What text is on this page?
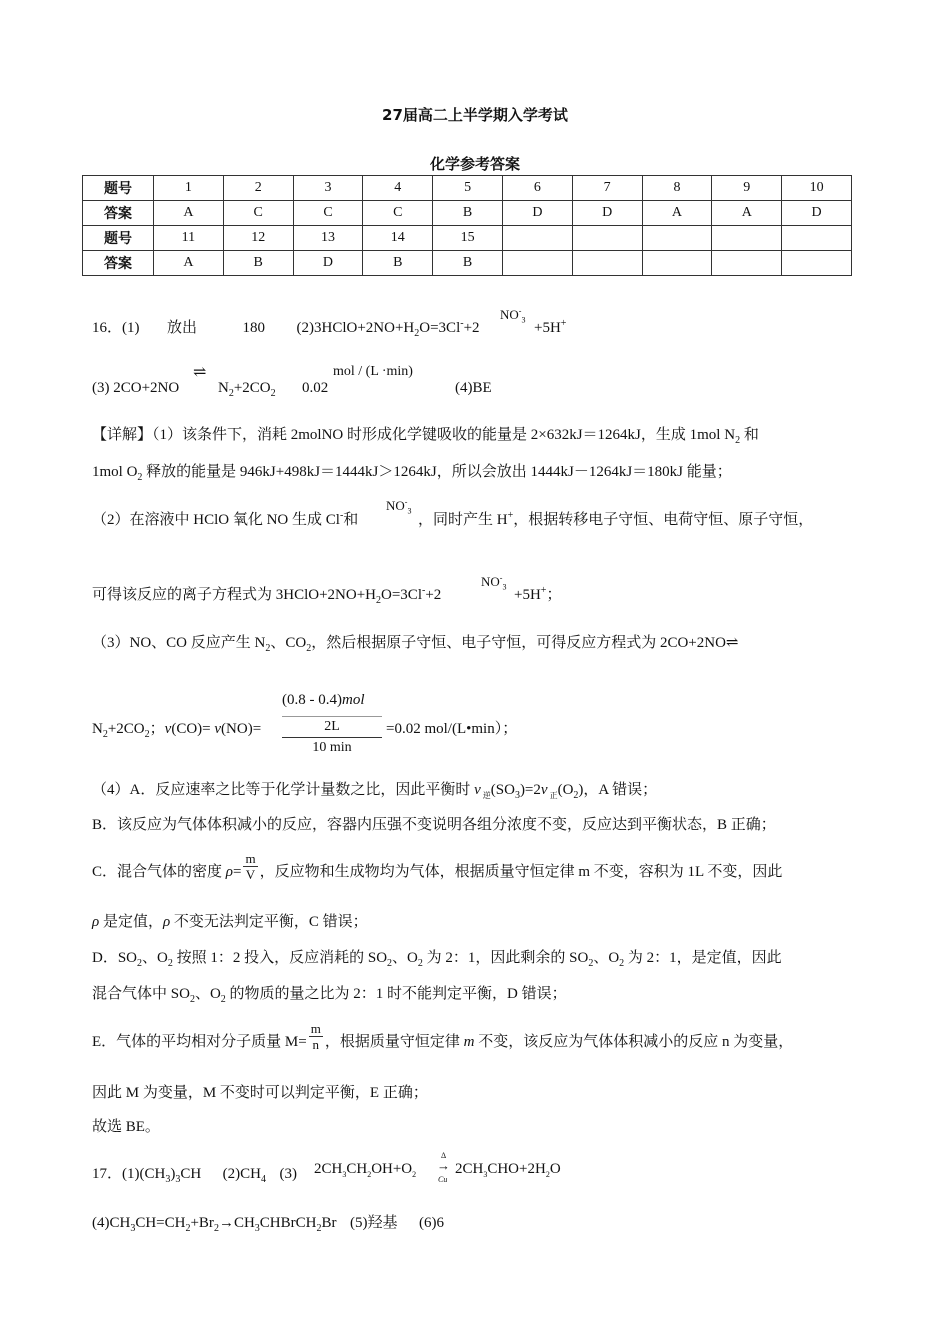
27届高二上半学期入学考试
化学参考答案
题号	1	2	3	4	5	6	7	8	9	10
答案	A	C	C	C	B	D	D	A	A	D
题号	11	12	13	14	15					
答案	A	B	D	B	B					
16．(1) 放出	180 $(2)3HClO+2NO+H_2O=3Cl^-+2$
$NO^-_3 +5H^+$
(3) 2CO+2NO
⇌
$N_2+2CO_2$ 0.02
mol / (L ·min)
(4)BE
【详解】（1）该条件下，消耗 2molNO 时形成化学键吸收的能量是 2×632kJ＝1264kJ，生成 1mol $N_2$ 和
1mol $O_2$ 释放的能量是 946kJ+498kJ＝1444kJ＞1264kJ，所以会放出 1444kJ－1264kJ＝180kJ 能量；
（2）在溶液中 HClO 氧化 NO 生成 Cl-和
$NO^-_3$
，同时产生 H+，根据转移电子守恒、电荷守恒、原子守恒，
可得该反应的离子方程式为 $3HClO+2NO+H_2O=3Cl^-+2$
$NO^-_3 +5H^+$；
（3）NO、CO 反应产生 $N_2$、$CO_2$，然后根据原子守恒、电子守恒，可得反应方程式为 2CO+2NO⇌
$N_2+2CO_2$；v(CO)= v(NO)=
(0.8 - 0.4)mol
2L
10 min
=0.02 mol/(L•min）；
（4）A．反应速率之比等于化学计量数之比，因此平衡时 v $_逆(SO_3)=2v$ $_正(O_2)$，A 错误；
B．该反应为气体体积减小的反应，容器内压强不变说明各组分浓度不变，反应达到平衡状态，B 正确；
C．混合气体的密度 $\rho= \frac{m}{V}$ ，反应物和生成物均为气体，根据质量守恒定律 m 不变，容积为 1L 不变，因此
ρ 是定值，ρ 不变无法判定平衡，C 错误；
D．$SO_2$、$O_2$ 按照 1：2 投入，反应消耗的 $SO_2$、$O_2$ 为 2：1，因此剩余的 $SO_2$、$O_2$ 为 2：1，是定值，因此
混合气体中 $SO_2$、$O_2$ 的物质的量之比为 2：1 时不能判定平衡，D 错误；
E．气体的平均相对分子质量 $M= \frac{m}{n}$ ，根据质量守恒定律 m 不变，该反应为气体体积减小的反应 n 为变量，
因此 M 为变量，M 不变时可以判定平衡，E 正确；
故选 BE。
17．$(1)(CH_3)_3CH$ $(2)CH_4$ (3) $2CH_3CH_2OH+O_2$
Δ
→
Cu
$2CH_3CHO+2H_2O$
$(4)CH_3CH=CH_2+Br_2\to CH_3CHBrCH_2Br$ (5)羟基 (6)6
